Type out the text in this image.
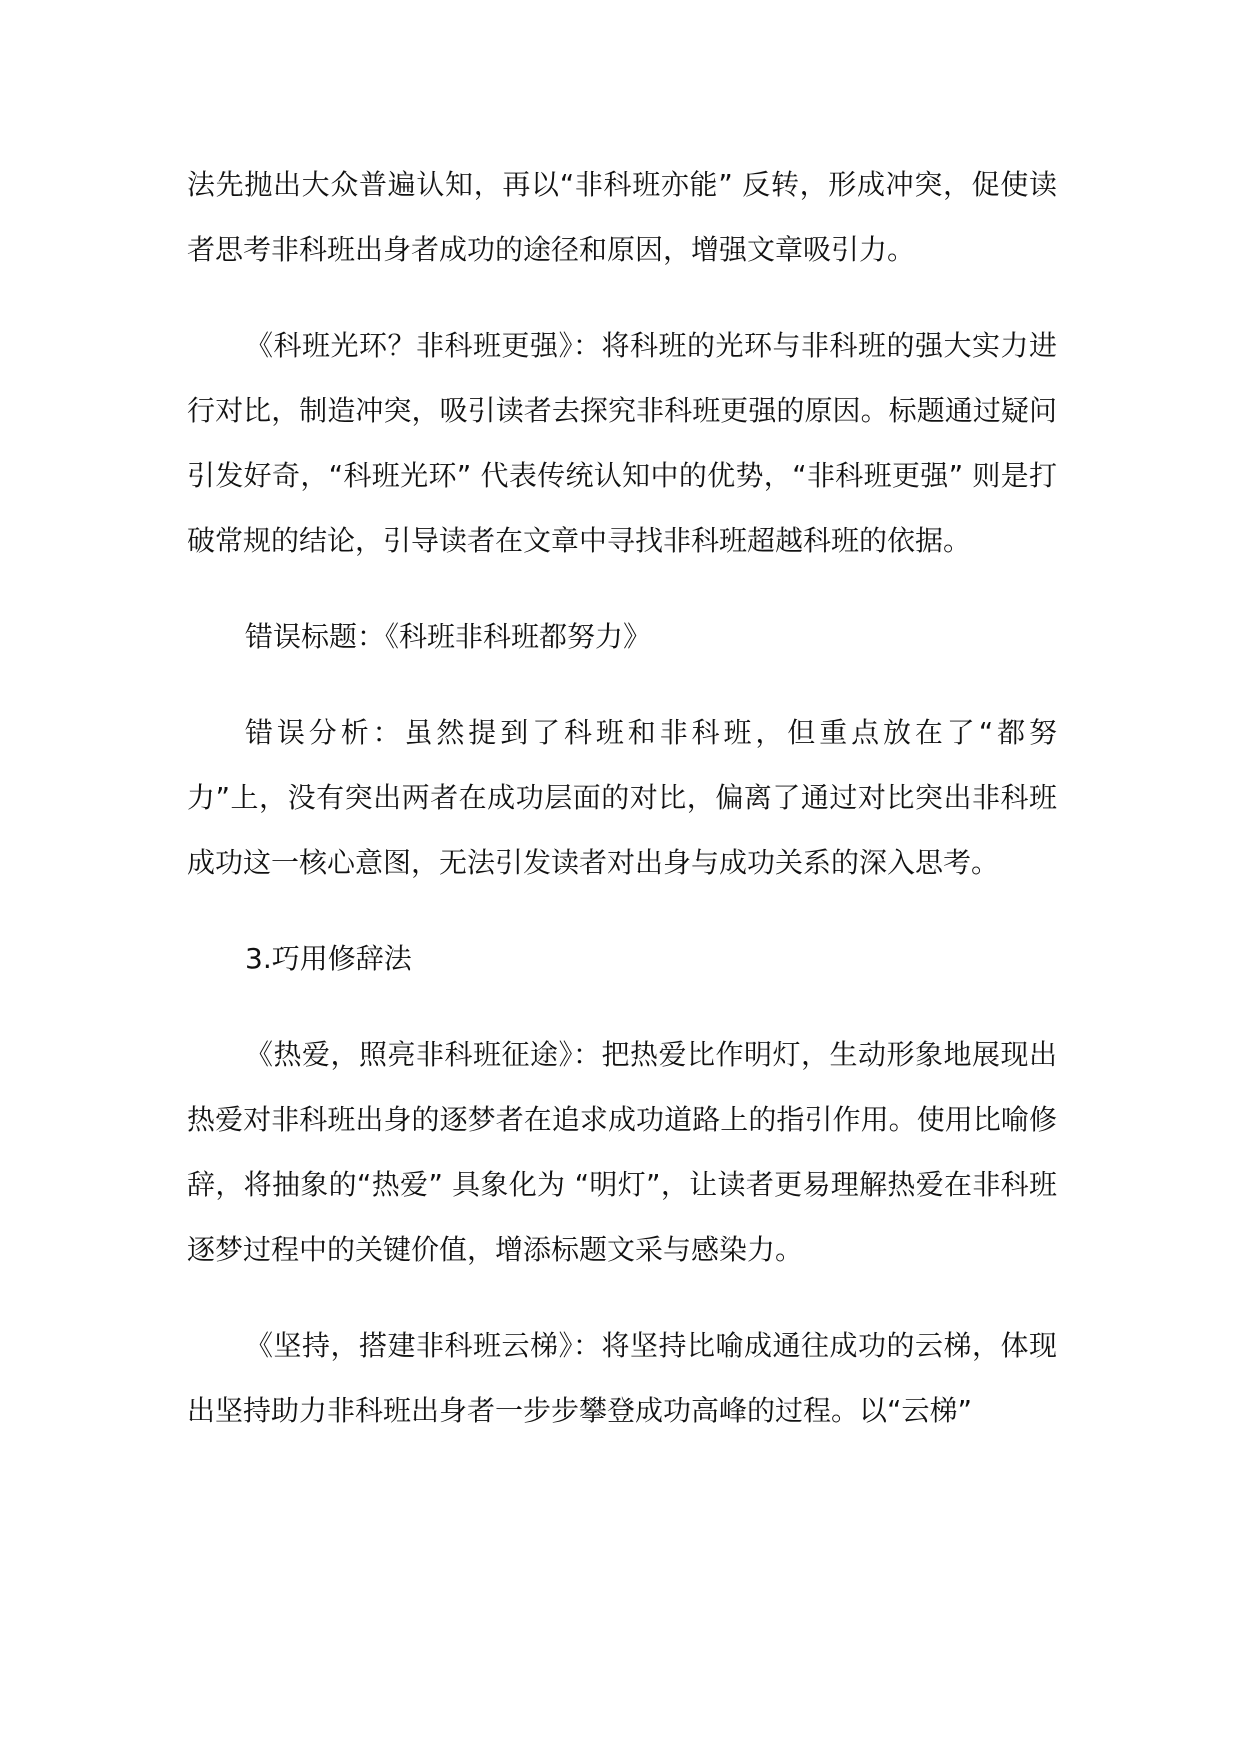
法先抛出大众普遍认知，再以“非科班亦能” 反转，形成冲突，促使读者思考非科班出身者成功的途径和原因，增强文章吸引力。

《科班光环？非科班更强》：将科班的光环与非科班的强大实力进行对比，制造冲突，吸引读者去探究非科班更强的原因。标题通过疑问引发好奇，“科班光环” 代表传统认知中的优势，“非科班更强” 则是打破常规的结论，引导读者在文章中寻找非科班超越科班的依据。

错误标题：《科班非科班都努力》

错误分析：虽然提到了科班和非科班，但重点放在了“都努力”上，没有突出两者在成功层面的对比，偏离了通过对比突出非科班成功这一核心意图，无法引发读者对出身与成功关系的深入思考。

3.巧用修辞法

《热爱，照亮非科班征途》：把热爱比作明灯，生动形象地展现出热爱对非科班出身的逐梦者在追求成功道路上的指引作用。使用比喻修辞，将抽象的“热爱” 具象化为 “明灯”，让读者更易理解热爱在非科班逐梦过程中的关键价值，增添标题文采与感染力。

《坚持，搭建非科班云梯》：将坚持比喻成通往成功的云梯，体现出坚持助力非科班出身者一步步攀登成功高峰的过程。以“云梯”
